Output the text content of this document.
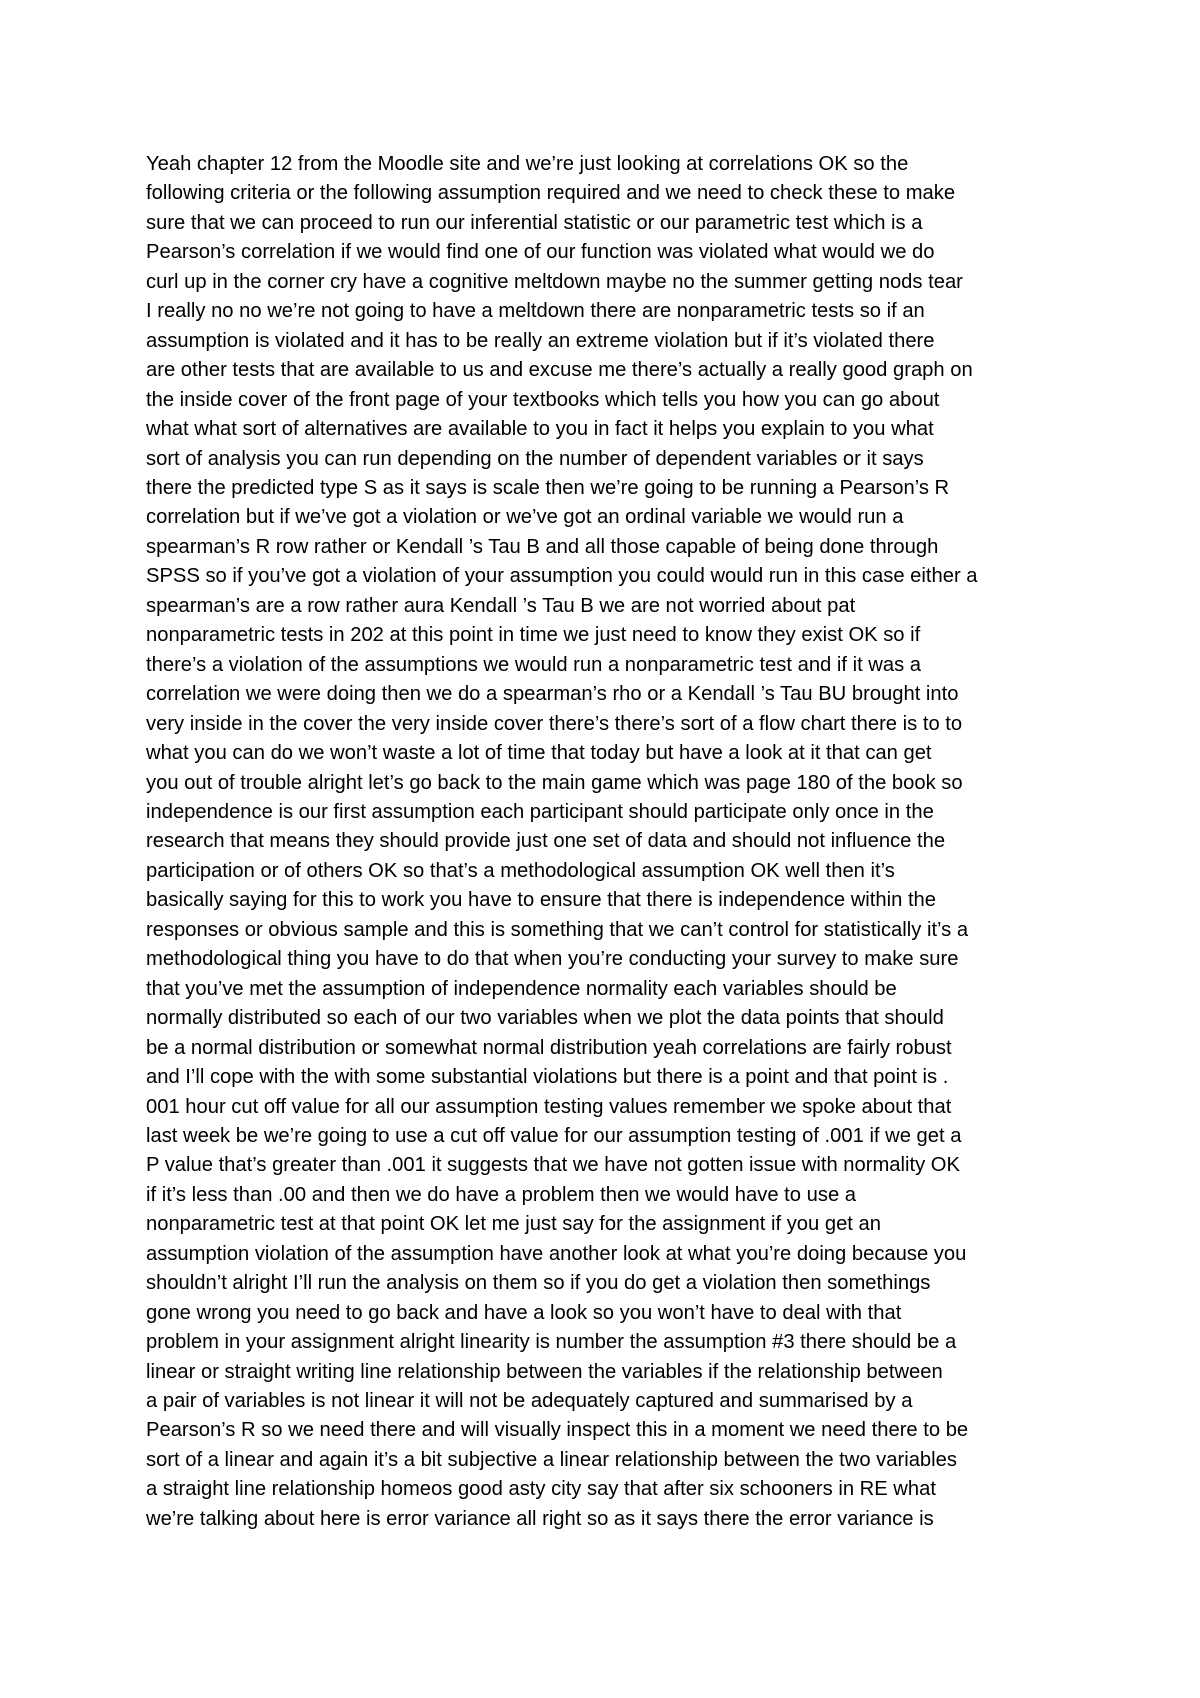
Yeah chapter 12 from the Moodle site and we’re just looking at correlations OK so the
following criteria or the following assumption required and we need to check these to make
sure that we can proceed to run our inferential statistic or our parametric test which is a
Pearson’s correlation if we would find one of our function was violated what would we do
curl up in the corner cry have a cognitive meltdown maybe no the summer getting nods tear
I really no no we’re not going to have a meltdown there are nonparametric tests so if an
assumption is violated and it has to be really an extreme violation but if it’s violated there
are other tests that are available to us and excuse me there’s actually a really good graph on
the inside cover of the front page of your textbooks which tells you how you can go about
what what sort of alternatives are available to you in fact it helps you explain to you what
sort of analysis you can run depending on the number of dependent variables or it says
there the predicted type S as it says is scale then we’re going to be running a Pearson’s R
correlation but if we’ve got a violation or we’ve got an ordinal variable we would run a
spearman’s R row rather or Kendall ’s Tau B and all those capable of being done through
SPSS so if you’ve got a violation of your assumption you could would run in this case either a
spearman’s are a row rather aura Kendall ’s Tau B we are not worried about pat
nonparametric tests in 202 at this point in time we just need to know they exist OK so if
there’s a violation of the assumptions we would run a nonparametric test and if it was a
correlation we were doing then we do a spearman’s rho or a Kendall ’s Tau BU brought into
very inside in the cover the very inside cover there’s there’s sort of a flow chart there is to to
what you can do we won’t waste a lot of time that today but have a look at it that can get
you out of trouble alright let’s go back to the main game which was page 180 of the book so
independence is our first assumption each participant should participate only once in the
research that means they should provide just one set of data and should not influence the
participation or of others OK so that’s a methodological assumption OK well then it’s
basically saying for this to work you have to ensure that there is independence within the
responses or obvious sample and this is something that we can’t control for statistically it’s a
methodological thing you have to do that when you’re conducting your survey to make sure
that you’ve met the assumption of independence normality each variables should be
normally distributed so each of our two variables when we plot the data points that should
be a normal distribution or somewhat normal distribution yeah correlations are fairly robust
and I’ll cope with the with some substantial violations but there is a point and that point is .
001 hour cut off value for all our assumption testing values remember we spoke about that
last week be we’re going to use a cut off value for our assumption testing of .001 if we get a
P value that’s greater than .001 it suggests that we have not gotten issue with normality OK
if it’s less than .00 and then we do have a problem then we would have to use a
nonparametric test at that point OK let me just say for the assignment if you get an
assumption violation of the assumption have another look at what you’re doing because you
shouldn’t alright I’ll run the analysis on them so if you do get a violation then somethings
gone wrong you need to go back and have a look so you won’t have to deal with that
problem in your assignment alright linearity is number the assumption #3 there should be a
linear or straight writing line relationship between the variables if the relationship between
a pair of variables is not linear it will not be adequately captured and summarised by a
Pearson’s R so we need there and will visually inspect this in a moment we need there to be
sort of a linear and again it’s a bit subjective a linear relationship between the two variables
a straight line relationship homeos good asty city say that after six schooners in RE what
we’re talking about here is error variance all right so as it says there the error variance is
